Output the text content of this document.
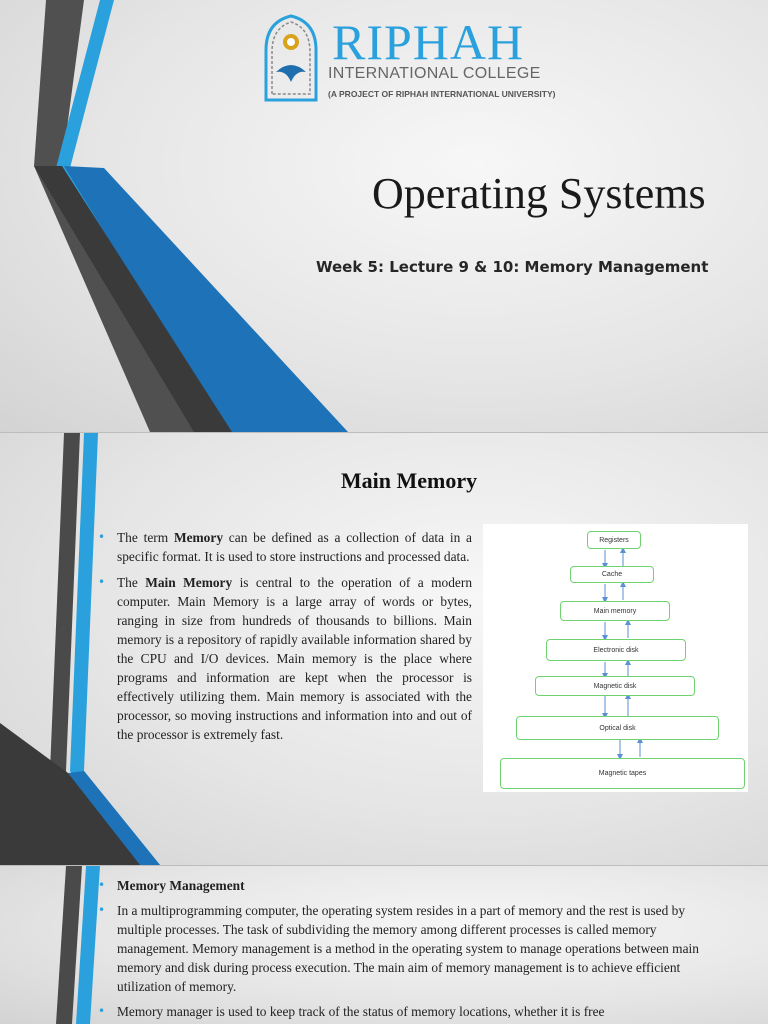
RIPHAH
INTERNATIONAL COLLEGE
(A PROJECT OF RIPHAH INTERNATIONAL UNIVERSITY)
Operating Systems
Week 5: Lecture 9 & 10: Memory Management
Main Memory
• The term Memory can be defined as a collection of data in a specific format. It is used to store instructions and processed data.
• The Main Memory is central to the operation of a modern computer. Main Memory is a large array of words or bytes, ranging in size from hundreds of thousands to billions. Main memory is a repository of rapidly available information shared by the CPU and I/O devices. Main memory is the place where programs and information are kept when the processor is effectively utilizing them. Main memory is associated with the processor, so moving instructions and information into and out of the processor is extremely fast.
Registers
Cache
Main memory
Electronic disk
Magnetic disk
Optical disk
Magnetic tapes
• Memory Management
• In a multiprogramming computer, the operating system resides in a part of memory and the rest is used by multiple processes. The task of subdividing the memory among different processes is called memory management. Memory management is a method in the operating system to manage operations between main memory and disk during process execution. The main aim of memory management is to achieve efficient utilization of memory.
• Memory manager is used to keep track of the status of memory locations, whether it is free
